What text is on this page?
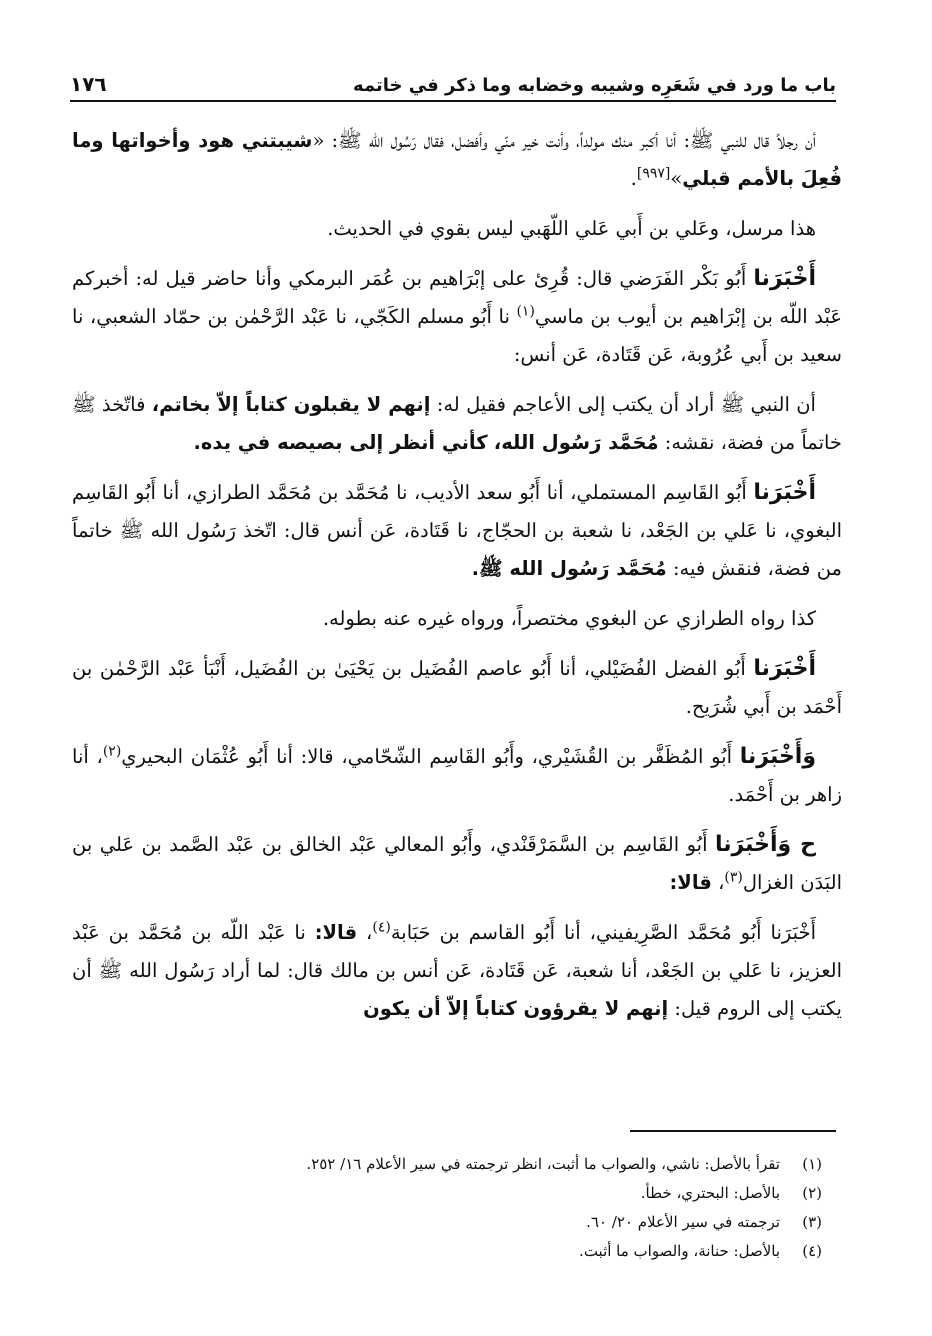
باب ما ورد في شَعَرِه وشيبه وخضابه وما ذكر في خاتمه
١٧٦

أن رجلاً قال للنبي ﷺ: أنا أكبر منك مولداً، وأنت خير منّي وأفضل، فقال رَسُول الله ﷺ: «شيبتني هود وأخواتها وما فُعِلَ بالأمم قبلي»[٩٩٧].

هذا مرسل، وعَلي بن أَبي عَلي اللّهَبي ليس بقوي في الحديث.

أَخْبَرَنا أَبُو بَكْر الفَرَضي قال: قُرِئ على إبْرَاهيم بن عُمَر البرمكي وأنا حاضر قيل له: أخبركم عَبْد اللّه بن إبْرَاهيم بن أيوب بن ماسي$^{(١)}$ نا أَبُو مسلم الكَجّي، نا عَبْد الرَّحْمٰن بن حمّاد الشعبي، نا سعيد بن أَبي عُرُوبة، عَن قَتَادة، عَن أنس:

أن النبي ﷺ أراد أن يكتب إلى الأعاجم فقيل له: إنهم لا يقبلون كتاباً إلاّ بخاتم، فاتّخذ ﷺ خاتماً من فضة، نقشه: مُحَمَّد رَسُول الله، كأني أنظر إلى بصيصه في يده.

أَخْبَرَنا أَبُو القَاسِم المستملي، أنا أَبُو سعد الأديب، نا مُحَمَّد بن مُحَمَّد الطرازي، أنا أَبُو القَاسِم البغوي، نا عَلي بن الجَعْد، نا شعبة بن الحجّاج، نا قَتَادة، عَن أنس قال: اتّخذ رَسُول الله ﷺ خاتماً من فضة، فنقش فيه: مُحَمَّد رَسُول الله ﷺ.

كذا رواه الطرازي عن البغوي مختصراً، ورواه غيره عنه بطوله.

أَخْبَرَنا أَبُو الفضل الفُضَيْلي، أنا أَبُو عاصم الفُضَيل بن يَحْيَىٰ بن الفُضَيل، أَنْبَأ عَبْد الرَّحْمٰن بن أَحْمَد بن أَبي شُرَيح.

وَأَخْبَرَنا أَبُو المُظَفَّر بن القُشَيْري، وأَبُو القَاسِم الشّحّامي، قالا: أنا أَبُو عُثْمَان البحيري$^{(٢)}$، أنا زاهر بن أَحْمَد.

ح وَأَخْبَرَنا أَبُو القَاسِم بن السَّمَرْقَنْدي، وأَبُو المعالي عَبْد الخالق بن عَبْد الصَّمد بن عَلي بن البَدَن الغزال$^{(٣)}$، قالا:

أَخْبَرَنا أَبُو مُحَمَّد الصَّرِيفيني، أنا أَبُو القاسم بن حَبَابة$^{(٤)}$، قالا: نا عَبْد اللّه بن مُحَمَّد بن عَبْد العزيز، نا عَلي بن الجَعْد، أنا شعبة، عَن قَتَادة، عَن أنس بن مالك قال: لما أراد رَسُول الله ﷺ أن يكتب إلى الروم قيل: إنهم لا يقرؤون كتاباً إلاّ أن يكون

(١)
تقرأ بالأصل: ناشي، والصواب ما أثبت، انظر ترجمته في سير الأعلام ١٦/ ٢٥٢.

(٢)
بالأصل: البحتري، خطأ.

(٣)
ترجمته في سير الأعلام ٢٠/ ٦٠.

(٤)
بالأصل: حنانة، والصواب ما أثبت.
